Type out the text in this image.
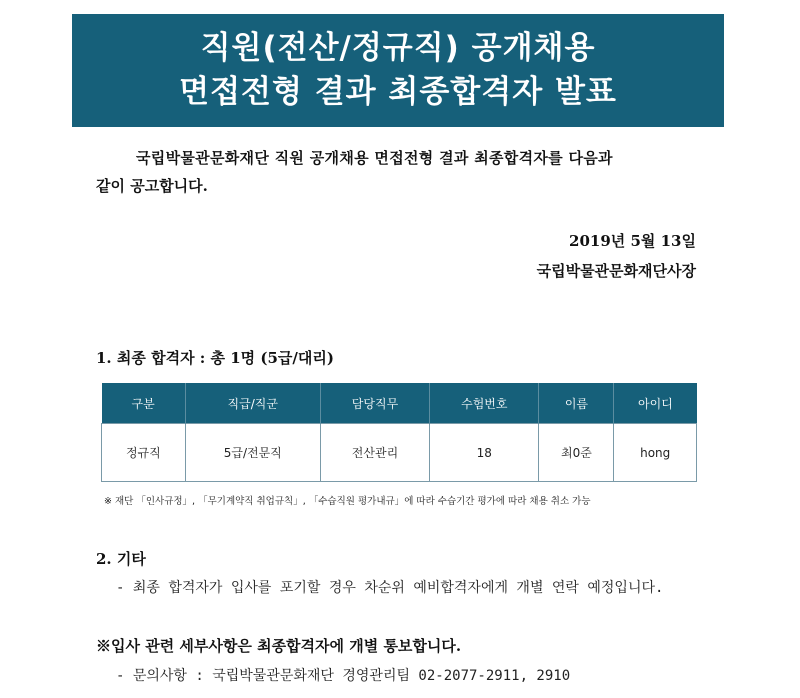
직원(전산/정규직) 공개채용
면접전형 결과 최종합격자 발표
국립박물관문화재단 직원 공개채용 면접전형 결과 최종합격자를 다음과
같이 공고합니다.
2019년 5월 13일
국립박물관문화재단사장
1. 최종 합격자 : 총 1명 (5급/대리)
구분	직급/직군	담당직무	수험번호	이름	아이디
정규직	5급/전문직	전산관리	18	최0준	hong
※ 재단 「인사규정」, 「무기계약직 취업규칙」, 「수습직원 평가내규」에 따라 수습기간 평가에 따라 채용 취소 가능
2. 기타
- 최종 합격자가 입사를 포기할 경우 차순위 예비합격자에게 개별 연락 예정입니다.
※입사 관련 세부사항은 최종합격자에 개별 통보합니다.
- 문의사항 : 국립박물관문화재단 경영관리팀 02-2077-2911, 2910
